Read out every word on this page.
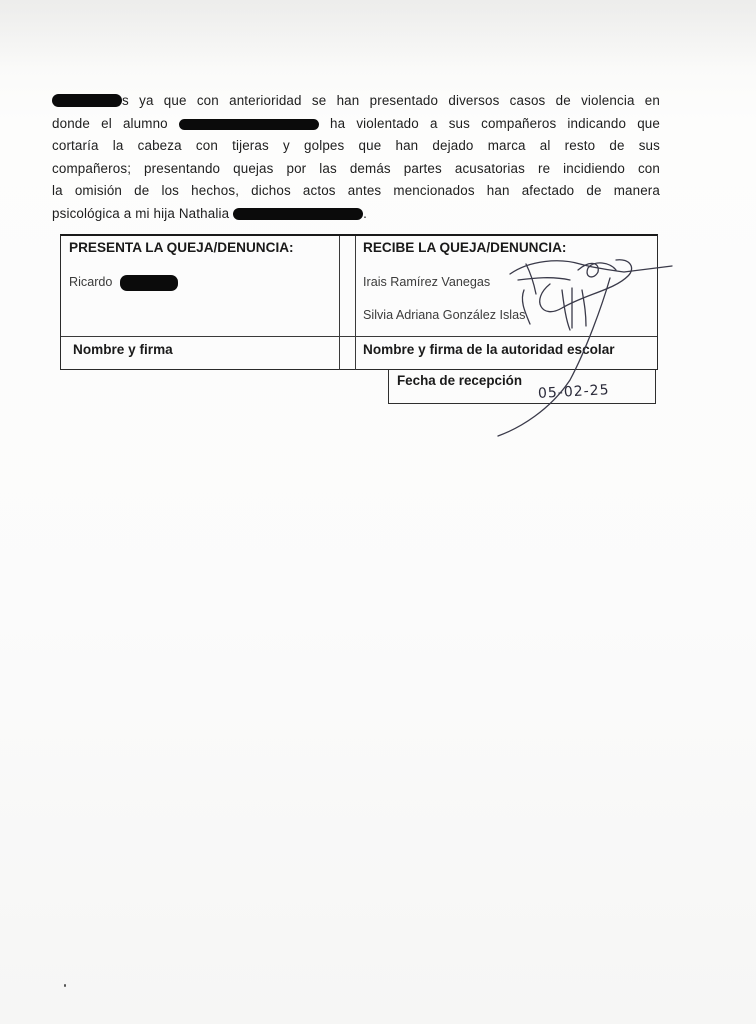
s ya que con anterioridad se han presentado diversos casos de violencia en
donde el alumno	ha violentado a sus compañeros indicando que
cortaría la cabeza con tijeras y golpes que han dejado marca al resto de sus
compañeros; presentando quejas por las demás partes acusatorias re incidiendo con
la omisión de los hechos, dichos actos antes mencionados han afectado de manera
psicológica a mi hija Nathalia	.
PRESENTA LA QUEJA/DENUNCIA:
Ricardo
RECIBE LA QUEJA/DENUNCIA:
Irais Ramírez Vanegas
Silvia Adriana González Islas
Nombre y firma	Nombre y firma de la autoridad escolar
Fecha de recepción
05-02-25
